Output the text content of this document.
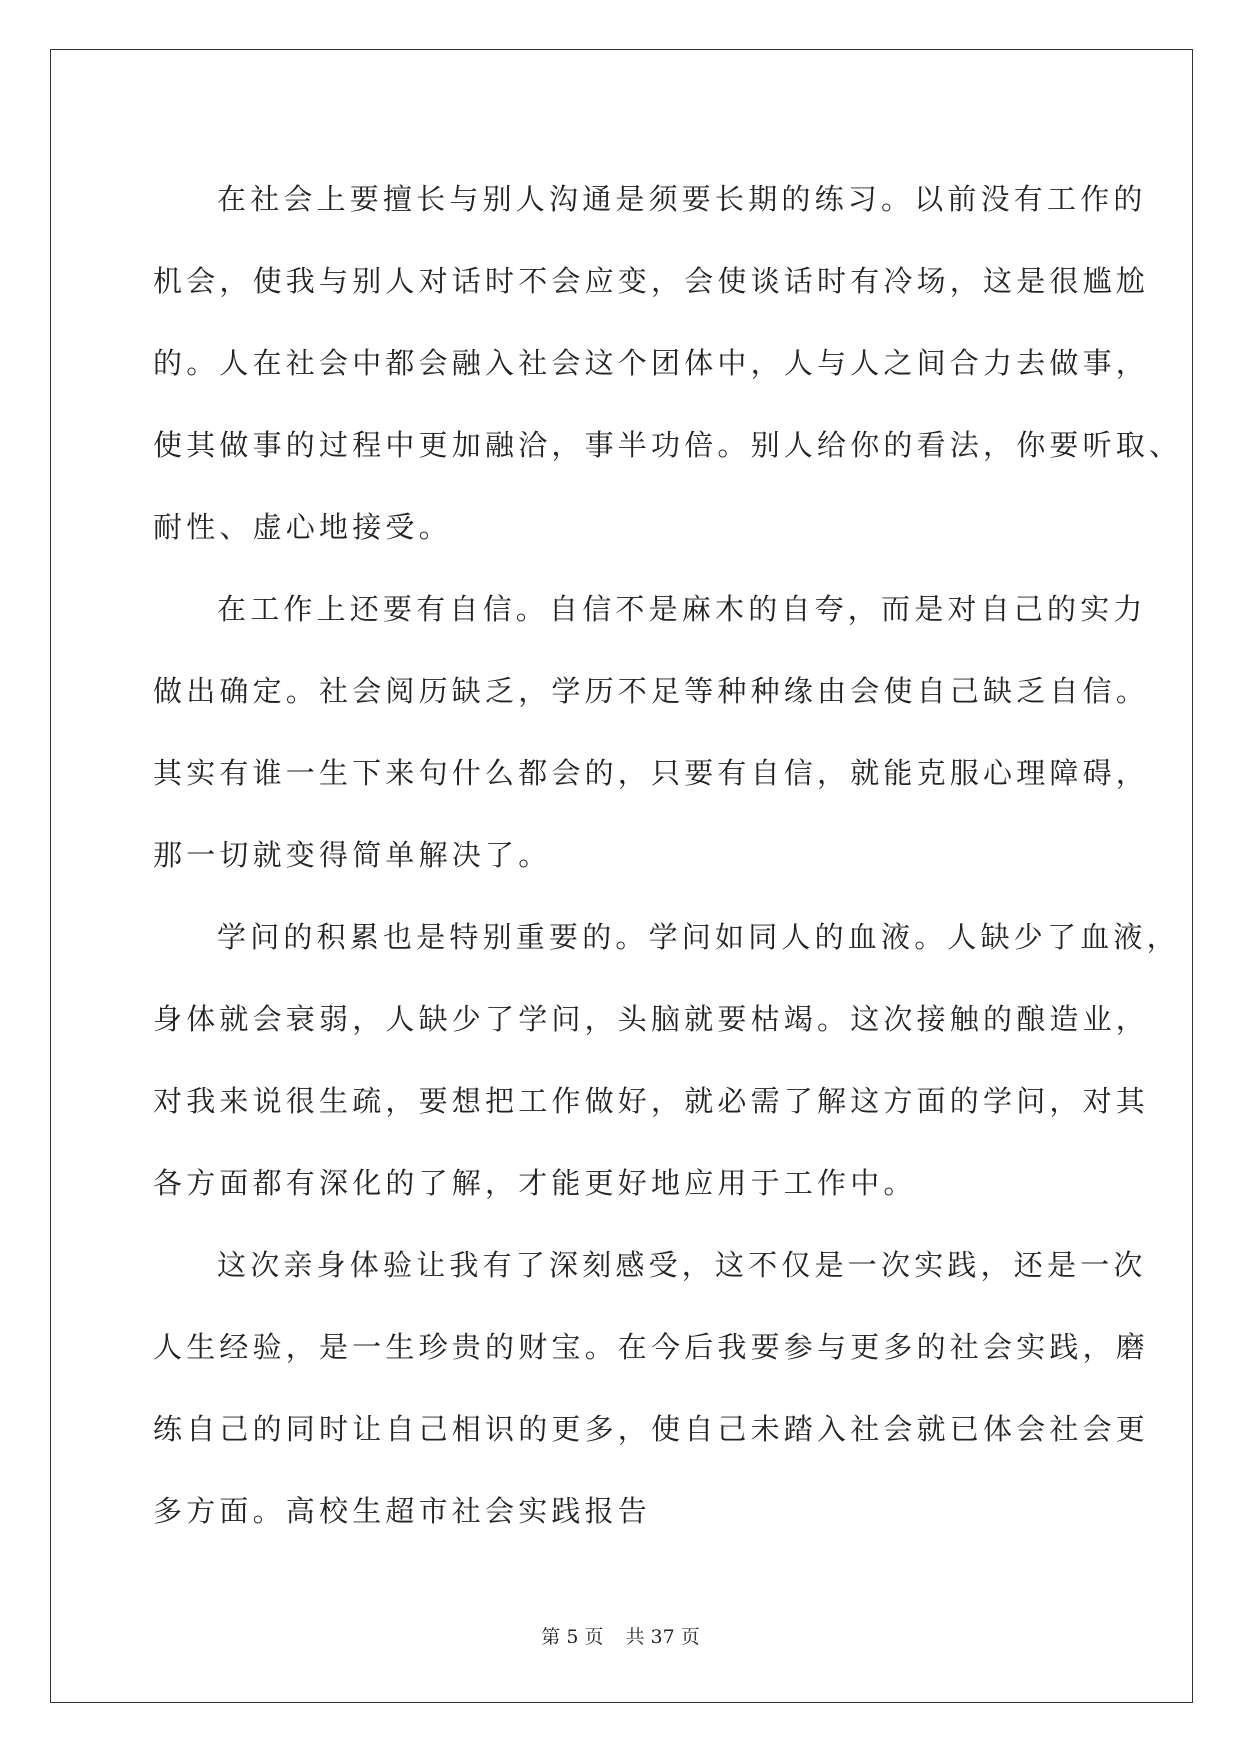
在社会上要擅长与别人沟通是须要长期的练习。以前没有工作的
机会，使我与别人对话时不会应变，会使谈话时有冷场，这是很尴尬
的。人在社会中都会融入社会这个团体中，人与人之间合力去做事，
使其做事的过程中更加融洽，事半功倍。别人给你的看法，你要听取、
耐性、虚心地接受。
在工作上还要有自信。自信不是麻木的自夸，而是对自己的实力
做出确定。社会阅历缺乏，学历不足等种种缘由会使自己缺乏自信。
其实有谁一生下来句什么都会的，只要有自信，就能克服心理障碍，
那一切就变得简单解决了。
学问的积累也是特别重要的。学问如同人的血液。人缺少了血液，
身体就会衰弱，人缺少了学问，头脑就要枯竭。这次接触的酿造业，
对我来说很生疏，要想把工作做好，就必需了解这方面的学问，对其
各方面都有深化的了解，才能更好地应用于工作中。
这次亲身体验让我有了深刻感受，这不仅是一次实践，还是一次
人生经验，是一生珍贵的财宝。在今后我要参与更多的社会实践，磨
练自己的同时让自己相识的更多，使自己未踏入社会就已体会社会更
多方面。高校生超市社会实践报告
第 5 页 共 37 页
